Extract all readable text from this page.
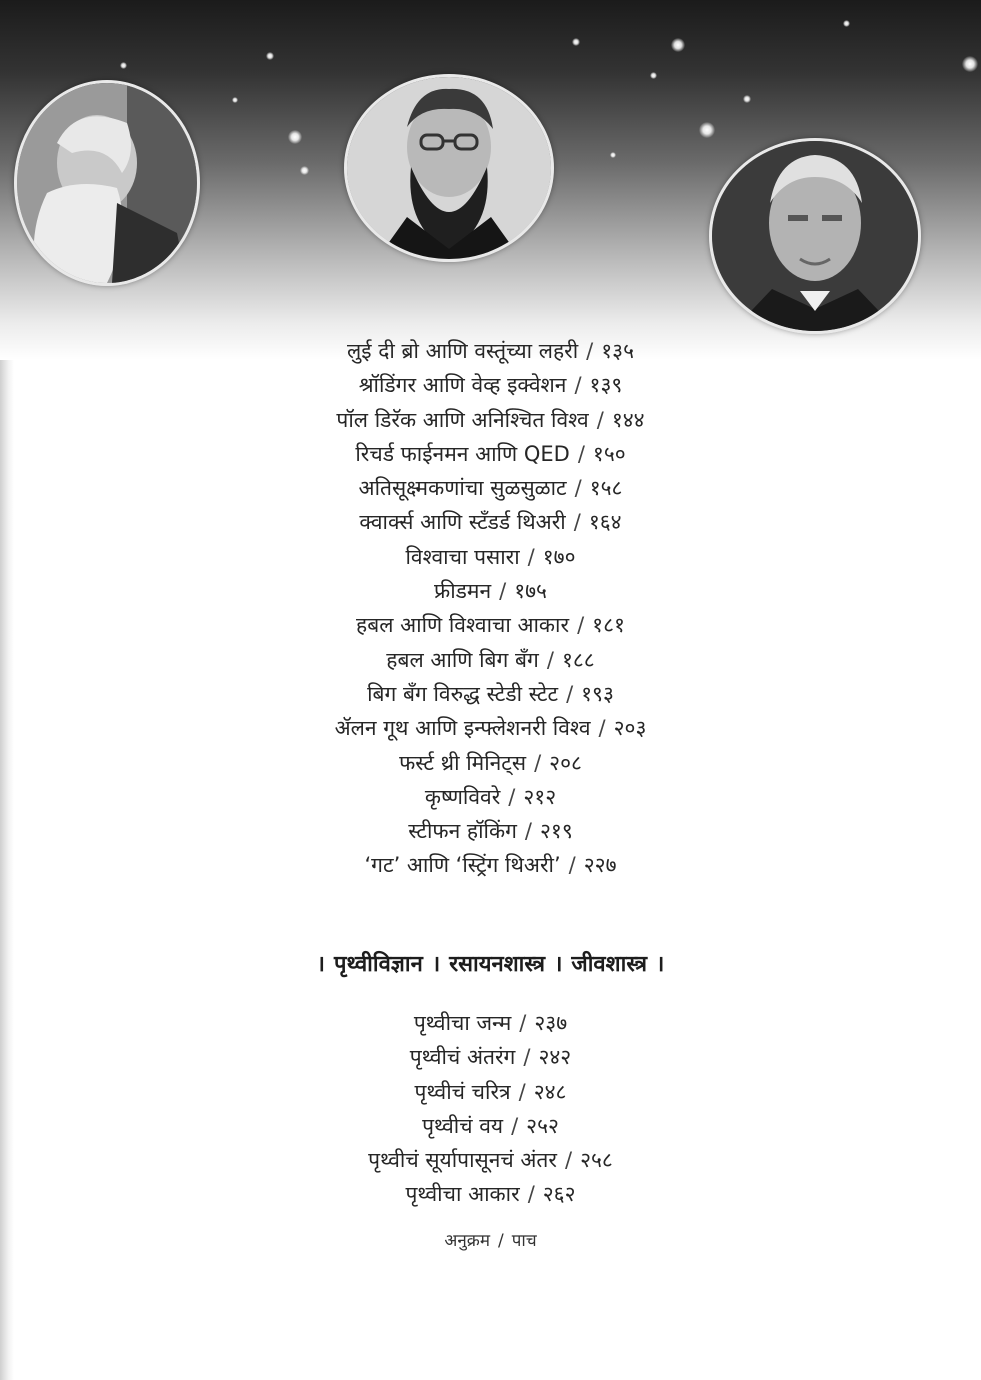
लुई दी ब्रो आणि वस्तूंच्या लहरी / १३५
श्रॉडिंगर आणि वेव्ह इक्वेशन / १३९
पॉल डिरॅक आणि अनिश्चित विश्व / १४४
रिचर्ड फाईनमन आणि QED / १५०
अतिसूक्ष्मकणांचा सुळसुळाट / १५८
क्वार्क्स आणि स्टँडर्ड थिअरी / १६४
विश्वाचा पसारा / १७०
फ्रीडमन / १७५
हबल आणि विश्वाचा आकार / १८१
हबल आणि बिग बँग / १८८
बिग बँग विरुद्ध स्टेडी स्टेट / १९३
ॲलन गूथ आणि इन्फ्लेशनरी विश्व / २०३
फर्स्ट थ्री मिनिट्स / २०८
कृष्णविवरे / २१२
स्टीफन हॉकिंग / २१९
‘गट’ आणि ‘स्ट्रिंग थिअरी’ / २२७
। पृथ्वीविज्ञान । रसायनशास्त्र । जीवशास्त्र ।
पृथ्वीचा जन्म / २३७
पृथ्वीचं अंतरंग / २४२
पृथ्वीचं चरित्र / २४८
पृथ्वीचं वय / २५२
पृथ्वीचं सूर्यापासूनचं अंतर / २५८
पृथ्वीचा आकार / २६२
अनुक्रम / पाच
